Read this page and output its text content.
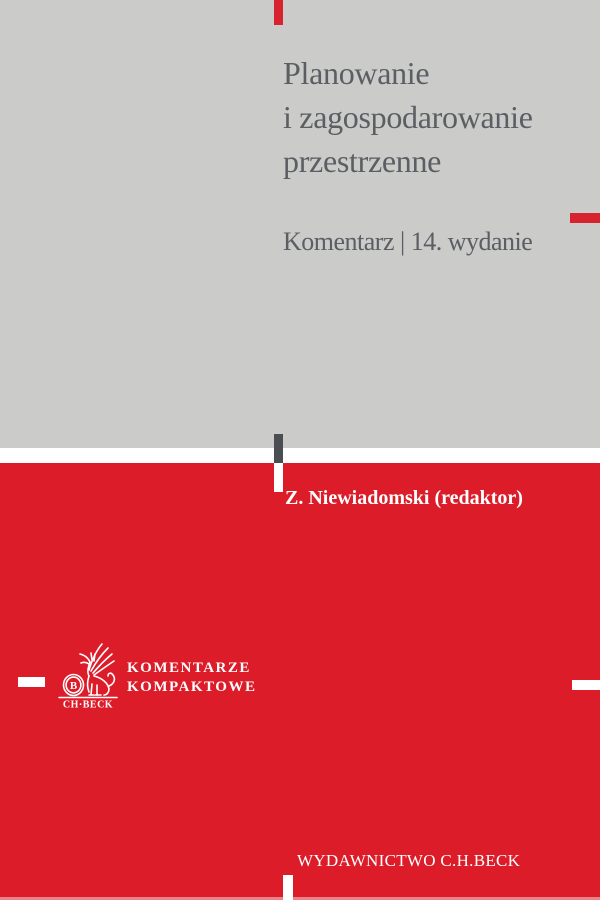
Planowanie
i zagospodarowanie
przestrzenne
Komentarz | 14. wydanie
Z. Niewiadomski (redaktor)
B
CH·BECK
KOMENTARZE
KOMPAKTOWE
WYDAWNICTWO C.H.BECK
